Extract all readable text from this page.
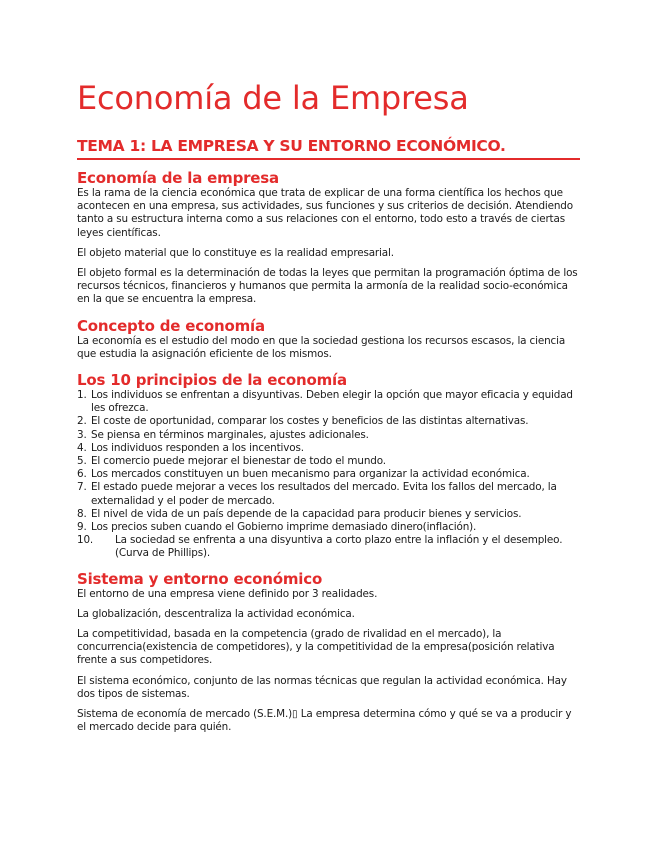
Economía de la Empresa
TEMA 1: LA EMPRESA Y SU ENTORNO ECONÓMICO.
Economía de la empresa

Es la rama de la ciencia económica que trata de explicar de una forma científica los hechos que acontecen en una empresa, sus actividades, sus funciones y sus criterios de decisión. Atendiendo tanto a su estructura interna como a sus relaciones con el entorno, todo esto a través de ciertas leyes científicas.

El objeto material que lo constituye es la realidad empresarial.

El objeto formal es la determinación de todas la leyes que permitan la programación óptima de los recursos técnicos, financieros y humanos que permita la armonía de la realidad socio-económica en la que se encuentra la empresa.

Concepto de economía

La economía es el estudio del modo en que la sociedad gestiona los recursos escasos, la ciencia que estudia la asignación eficiente de los mismos.

Los 10 principios de la economía
1. Los individuos se enfrentan a disyuntivas. Deben elegir la opción que mayor eficacia y equidad les ofrezca.
2. El coste de oportunidad, comparar los costes y beneficios de las distintas alternativas.
3. Se piensa en términos marginales, ajustes adicionales.
4. Los individuos responden a los incentivos.
5. El comercio puede mejorar el bienestar de todo el mundo.
6. Los mercados constituyen un buen mecanismo para organizar la actividad económica.
7. El estado puede mejorar a veces los resultados del mercado. Evita los fallos del mercado, la externalidad y el poder de mercado.
8. El nivel de vida de un país depende de la capacidad para producir bienes y servicios.
9. Los precios suben cuando el Gobierno imprime demasiado dinero(inflación).
10.	La sociedad se enfrenta a una disyuntiva a corto plazo entre la inflación y el desempleo. (Curva de Phillips).
Sistema y entorno económico

El entorno de una empresa viene definido por 3 realidades.

La globalización, descentraliza la actividad económica.

La competitividad, basada en la competencia (grado de rivalidad en el mercado), la concurrencia(existencia de competidores), y la competitividad de la empresa(posición relativa frente a sus competidores.

El sistema económico, conjunto de las normas técnicas que regulan la actividad económica. Hay dos tipos de sistemas.

Sistema de economía de mercado (S.E.M.)▯ La empresa determina cómo y qué se va a producir y el mercado decide para quién.
